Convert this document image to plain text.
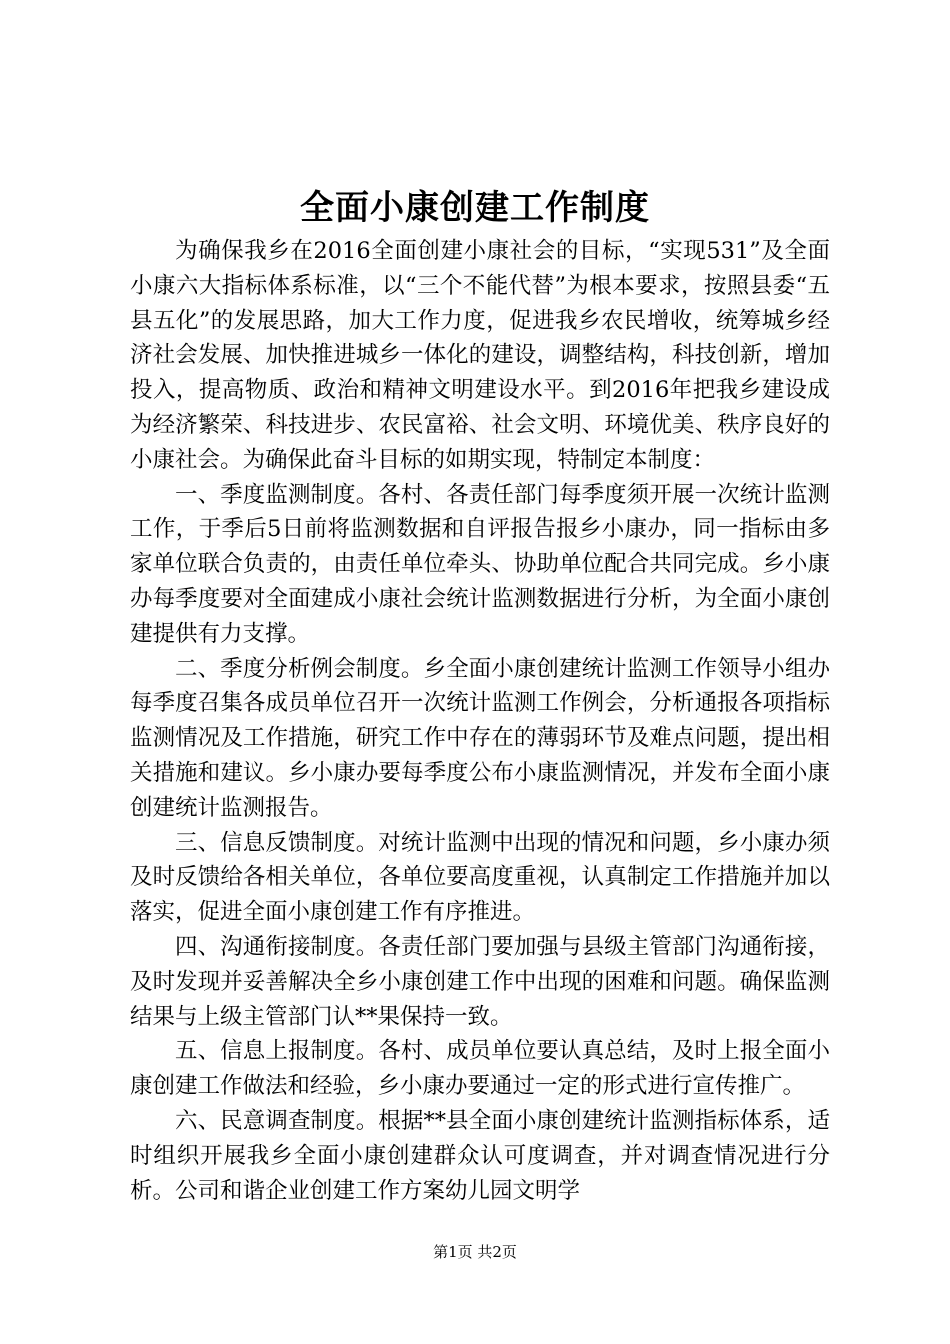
全面小康创建工作制度

为确保我乡在2016全面创建小康社会的目标，“实现531”及全面小康六大指标体系标准，以“三个不能代替”为根本要求，按照县委“五县五化”的发展思路，加大工作力度，促进我乡农民增收，统筹城乡经济社会发展、加快推进城乡一体化的建设，调整结构，科技创新，增加投入，提高物质、政治和精神文明建设水平。到2016年把我乡建设成为经济繁荣、科技进步、农民富裕、社会文明、环境优美、秩序良好的小康社会。为确保此奋斗目标的如期实现，特制定本制度：

一、季度监测制度。各村、各责任部门每季度须开展一次统计监测工作，于季后5日前将监测数据和自评报告报乡小康办，同一指标由多家单位联合负责的，由责任单位牵头、协助单位配合共同完成。乡小康办每季度要对全面建成小康社会统计监测数据进行分析，为全面小康创建提供有力支撑。

二、季度分析例会制度。乡全面小康创建统计监测工作领导小组办每季度召集各成员单位召开一次统计监测工作例会，分析通报各项指标监测情况及工作措施，研究工作中存在的薄弱环节及难点问题，提出相关措施和建议。乡小康办要每季度公布小康监测情况，并发布全面小康创建统计监测报告。

三、信息反馈制度。对统计监测中出现的情况和问题，乡小康办须及时反馈给各相关单位，各单位要高度重视，认真制定工作措施并加以落实，促进全面小康创建工作有序推进。

四、沟通衔接制度。各责任部门要加强与县级主管部门沟通衔接，及时发现并妥善解决全乡小康创建工作中出现的困难和问题。确保监测结果与上级主管部门认**果保持一致。

五、信息上报制度。各村、成员单位要认真总结，及时上报全面小康创建工作做法和经验，乡小康办要通过一定的形式进行宣传推广。

六、民意调查制度。根据**县全面小康创建统计监测指标体系，适时组织开展我乡全面小康创建群众认可度调查，并对调查情况进行分析。公司和谐企业创建工作方案幼儿园文明学

第1页 共2页
